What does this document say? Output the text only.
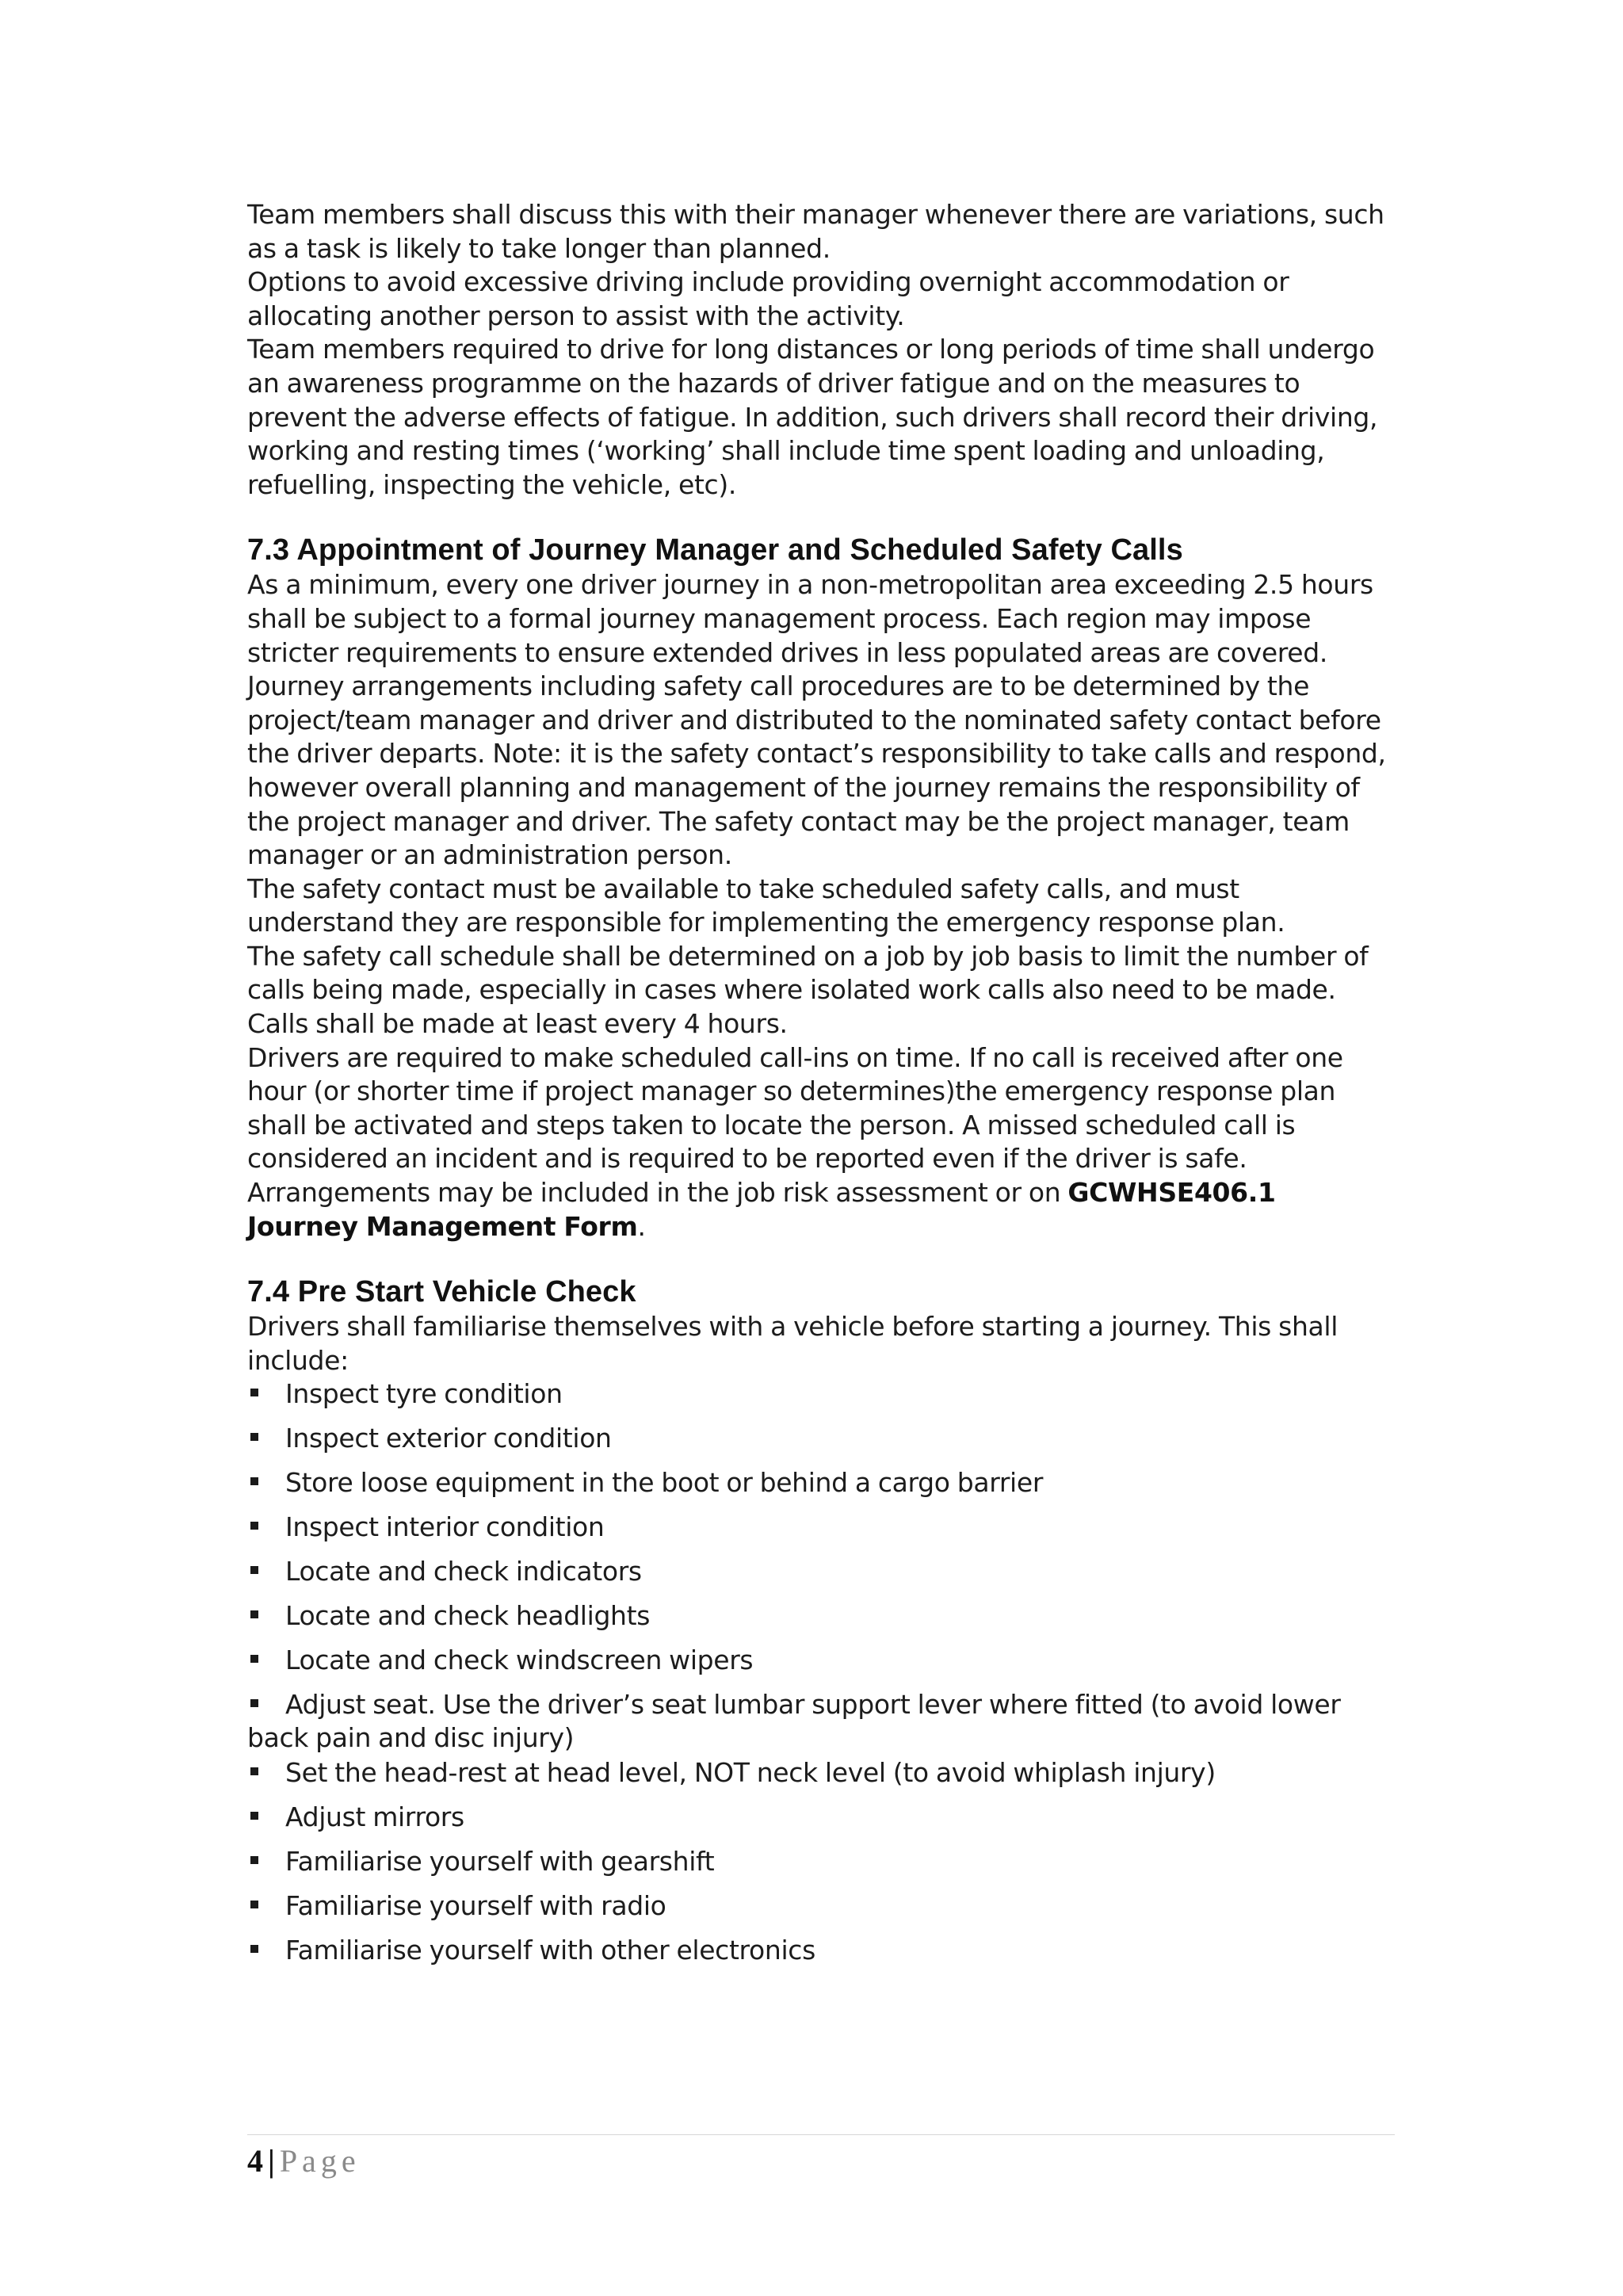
Team members shall discuss this with their manager whenever there are variations, such as a task is likely to take longer than planned.

Options to avoid excessive driving include providing overnight accommodation or allocating another person to assist with the activity.

Team members required to drive for long distances or long periods of time shall undergo an awareness programme on the hazards of driver fatigue and on the measures to prevent the adverse effects of fatigue. In addition, such drivers shall record their driving, working and resting times (‘working’ shall include time spent loading and unloading, refuelling, inspecting the vehicle, etc).

7.3 Appointment of Journey Manager and Scheduled Safety Calls

As a minimum, every one driver journey in a non-metropolitan area exceeding 2.5 hours shall be subject to a formal journey management process. Each region may impose stricter requirements to ensure extended drives in less populated areas are covered.

Journey arrangements including safety call procedures are to be determined by the project/team manager and driver and distributed to the nominated safety contact before the driver departs. Note: it is the safety contact’s responsibility to take calls and respond, however overall planning and management of the journey remains the responsibility of the project manager and driver. The safety contact may be the project manager, team manager or an administration person.

The safety contact must be available to take scheduled safety calls, and must understand they are responsible for implementing the emergency response plan.

The safety call schedule shall be determined on a job by job basis to limit the number of calls being made, especially in cases where isolated work calls also need to be made. Calls shall be made at least every 4 hours.

Drivers are required to make scheduled call-ins on time. If no call is received after one hour (or shorter time if project manager so determines)the emergency response plan shall be activated and steps taken to locate the person. A missed scheduled call is considered an incident and is required to be reported even if the driver is safe.

Arrangements may be included in the job risk assessment or on GCWHSE406.1 Journey Management Form.

7.4 Pre Start Vehicle Check

Drivers shall familiarise themselves with a vehicle before starting a journey. This shall include:

Inspect tyre condition
Inspect exterior condition
Store loose equipment in the boot or behind a cargo barrier
Inspect interior condition
Locate and check indicators
Locate and check headlights
Locate and check windscreen wipers
Adjust seat. Use the driver’s seat lumbar support lever where fitted (to avoid lower back pain and disc injury)
Set the head-rest at head level, NOT neck level (to avoid whiplash injury)
Adjust mirrors
Familiarise yourself with gearshift
Familiarise yourself with radio
Familiarise yourself with other electronics
4 | Page
